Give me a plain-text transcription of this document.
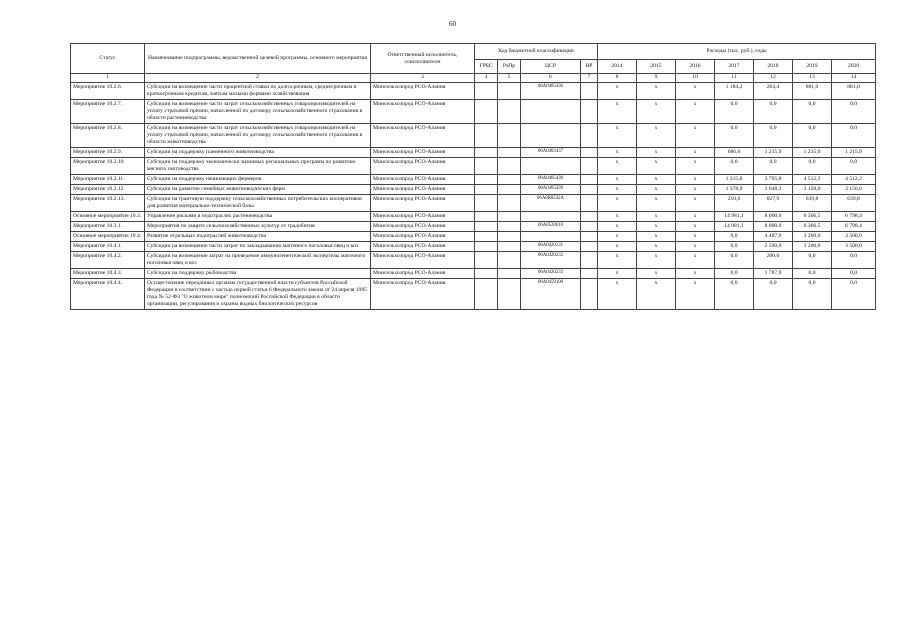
60
Статус	Наименование подпрограммы, ведомственной целевой программы, основного мероприятия	Ответственный исполнитель, соисполнители	Код бюджетной классификации				Расходы (тыс. руб.), годы						
			ГРБС	РзПр	ЦСР	ВР	2014	2015	2016	2017	2018	2019	2020
1	2	3	4	5	6	7	8	9	10	11	12	13	14
Мероприятие 10.2.6.	Субсидии на возмещение части процентной ставки по долгосрочным, среднесрочным и краткосрочным кредитам, взятым малыми формами хозяйствования	Минсельхозпрод РСО-Алания			06A0405436		x	x	x	1 184,2	263,4	881,0	881,0
Мероприятие 10.2.7.	Субсидии на возмещение части затрат сельскохозяйственных товаропроизводителей на уплату страховой премии, начисленной по договору сельскохозяйственного страхования в области растениеводства	Минсельхозпрод РСО-Алания					x	x	x	0,0	0,0	0,0	0,0
Мероприятие 10.2.8.	Субсидии на возмещение части затрат сельскохозяйственных товаропроизводителей на уплату страховой премии, начисленной по договору сельскохозяйственного страхования в области животноводства	Минсельхозпрод РСО-Алания					x	x	x	0,0	0,0	0,0	0,0
Мероприятие 10.2.9.	Субсидии на поддержку племенного животноводства	Минсельхозпрод РСО-Алания			06A0403437		x	x	x	686,6	1 215,9	1 215,9	1 215,9
Мероприятие 10.2.10.	Субсидии на поддержку экономически значимых региональных программ по развитию мясного скотоводства	Минсельхозпрод РСО-Алания					x	x	x	0,0	0,0	0,0	0,0
Мероприятие 10.2.11.	Субсидии на поддержку начинающих фермеров	Минсельхозпрод РСО-Алания			06A0405438		x	x	x	1 315,8	3 795,8	4 512,2	4 512,2
Мероприятие 10.2.12.	Субсидии на развитие семейных животноводческих ферм	Минсельхозпрод РСО-Алания			06A0405439		x	x	x	1 378,9	3 648,3	3 150,0	3 150,0
Мероприятие 10.2.13.	Субсидии на грантовую поддержку сельскохозяйственных потребительских кооперативов для развития материально-технической базы	Минсельхозпрод РСО-Алания			06A0R0542A		x	x	x	210,6	827,9	639,8	639,8
Основное мероприятие 10.3.	Управление рисками в подотраслях растениеводства	Минсельхозпрод РСО-Алания					x	x	x	14 981,1	8 000,0	6 366,5	6 798,4
Мероприятие 10.3.1.	Мероприятия по защите сельскохозяйственных культур от градобития	Минсельхозпрод РСО-Алания			06A0520610		x	x	x	14 981,1	8 000,0	6 366,5	6 798,4
Основное мероприятие 10.4.	Развитие отдельных подотраслей животноводства	Минсельхозпрод РСО-Алания					x	x	x	0,0	4 487,9	3 200,0	3 500,0
Мероприятие 10.4.1.	Субсидии на возмещение части затрат по закладыванию маточного поголовья овец и коз	Минсельхозпрод РСО-Алания			06A0420231		x	x	x	0,0	2 500,0	3 200,0	3 500,0
Мероприятие 10.4.2.	Субсидии на возмещение затрат на проведение иммуногенетической экспертизы маточного поголовья овец и коз	Минсельхозпрод РСО-Алания			06A0420232		x	x	x	0,0	200,0	0,0	0,0
Мероприятие 10.4.3.	Субсидии на поддержку рыбоводства	Минсельхозпрод РСО-Алания			06A0420233		x	x	x	0,0	1 787,9	0,0	0,0
Мероприятие 10.4.4.	Осуществление переданных органам государственной власти субъектов Российской Федерации в соответствии с частью первой статьи 6 Федерального закона от 24 апреля 1995 года № 52-ФЗ "О животном мире" полномочий Российской Федерации в области организации, регулирования и охраны водных биологических ресурсов	Минсельхозпрод РСО-Алания			06A0459100		x	x	x	0,0	0,0	0,0	0,0
